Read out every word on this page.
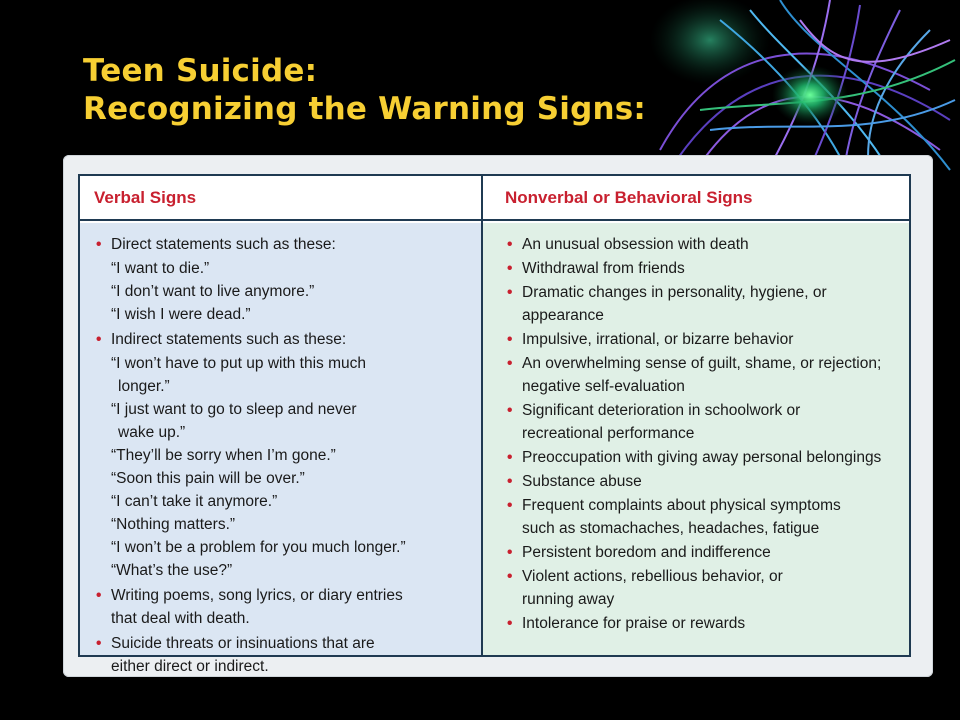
Teen Suicide:
Recognizing the Warning Signs:
Verbal Signs
• Direct statements such as these:
“I want to die.”
“I don’t want to live anymore.”
“I wish I were dead.”
• Indirect statements such as these:
“I won’t have to put up with this much
longer.”
“I just want to go to sleep and never
wake up.”
“They’ll be sorry when I’m gone.”
“Soon this pain will be over.”
“I can’t take it anymore.”
“Nothing matters.”
“I won’t be a problem for you much longer.”
“What’s the use?”
• Writing poems, song lyrics, or diary entries
that deal with death.
• Suicide threats or insinuations that are
either direct or indirect.
Nonverbal or Behavioral Signs
• An unusual obsession with death
• Withdrawal from friends
• Dramatic changes in personality, hygiene, or
appearance
• Impulsive, irrational, or bizarre behavior
• An overwhelming sense of guilt, shame, or rejection;
negative self-evaluation
• Significant deterioration in schoolwork or
recreational performance
• Preoccupation with giving away personal belongings
• Substance abuse
• Frequent complaints about physical symptoms
such as stomachaches, headaches, fatigue
• Persistent boredom and indifference
• Violent actions, rebellious behavior, or
running away
• Intolerance for praise or rewards
